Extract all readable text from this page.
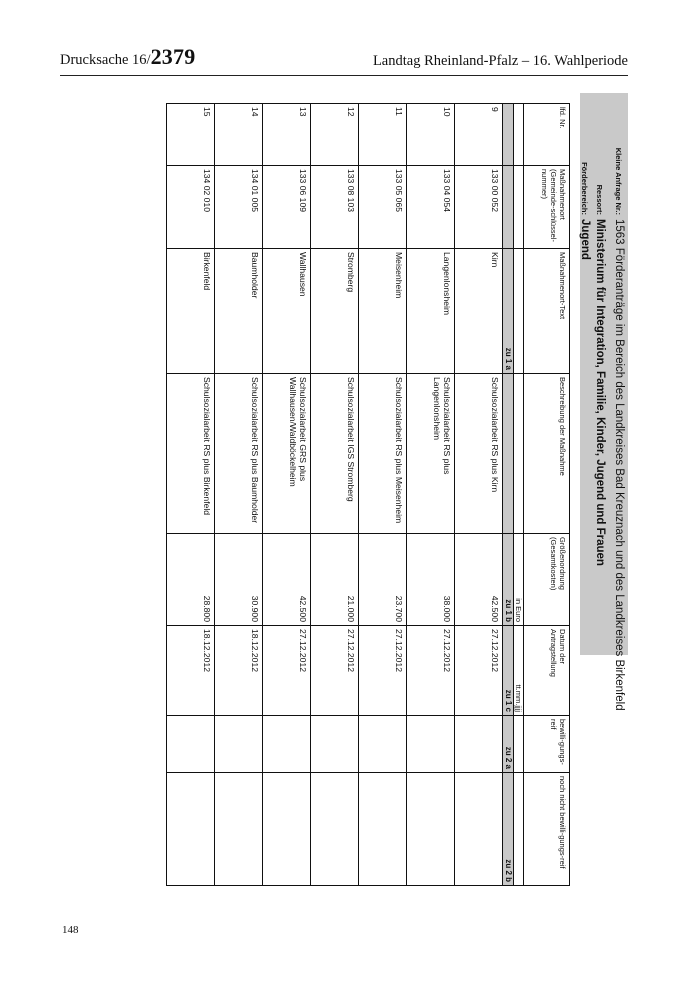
Drucksache 16/2379	Landtag Rheinland-Pfalz – 16. Wahlperiode
Kleine Anfrage Nr.:1563 Förderanträge im Bereich des Landkreises Bad Kreuznach und des Landkreises Birkenfeld
Ressort:Ministerium für Integration, Familie, Kinder, Jugend und Frauen
Förderbereich:Jugend
lfd. Nr.	Maßnahmenort (Gemeinde-schlüssel-nummer)	Maßnahmenort-Text	Beschreibung der Maßnahme	Größenordnung (Gesamtkosten)	Datum der Antragstellung	bewilli-gungs-reif	noch nicht bewilli-gungs-reif
				in Euro	tt.mm.jjjj		
		zu 1 a		zu 1 b	zu 1 c	zu 2 a	zu 2 b
9	133 00 052	Kirn	Schulsozialarbeit RS plus Kirn	42.500	27.12.2012		
10	133 04 054	Langenlonsheim	Schulsozialarbeit RS plus Langenlonsheim	38.000	27.12.2012		
11	133 05 065	Meisenheim	Schulsozialarbeit RS plus Meisenheim	23.700	27.12.2012		
12	133 08 103	Stromberg	Schulsozialarbeit IGS Stromberg	21.000	27.12.2012		
13	133 06 109	Wallhausen	Schulsozialarbeit GRS plus Wallhausen/Waldböckelheim	42.500	27.12.2012		
14	134 01 005	Baumholder	Schulsozialarbeit RS plus Baumholder	30.900	18.12.2012		
15	134 02 010	Birkenfeld	Schulsozialarbeit RS plus Birkenfeld	28.800	18.12.2012		
148
